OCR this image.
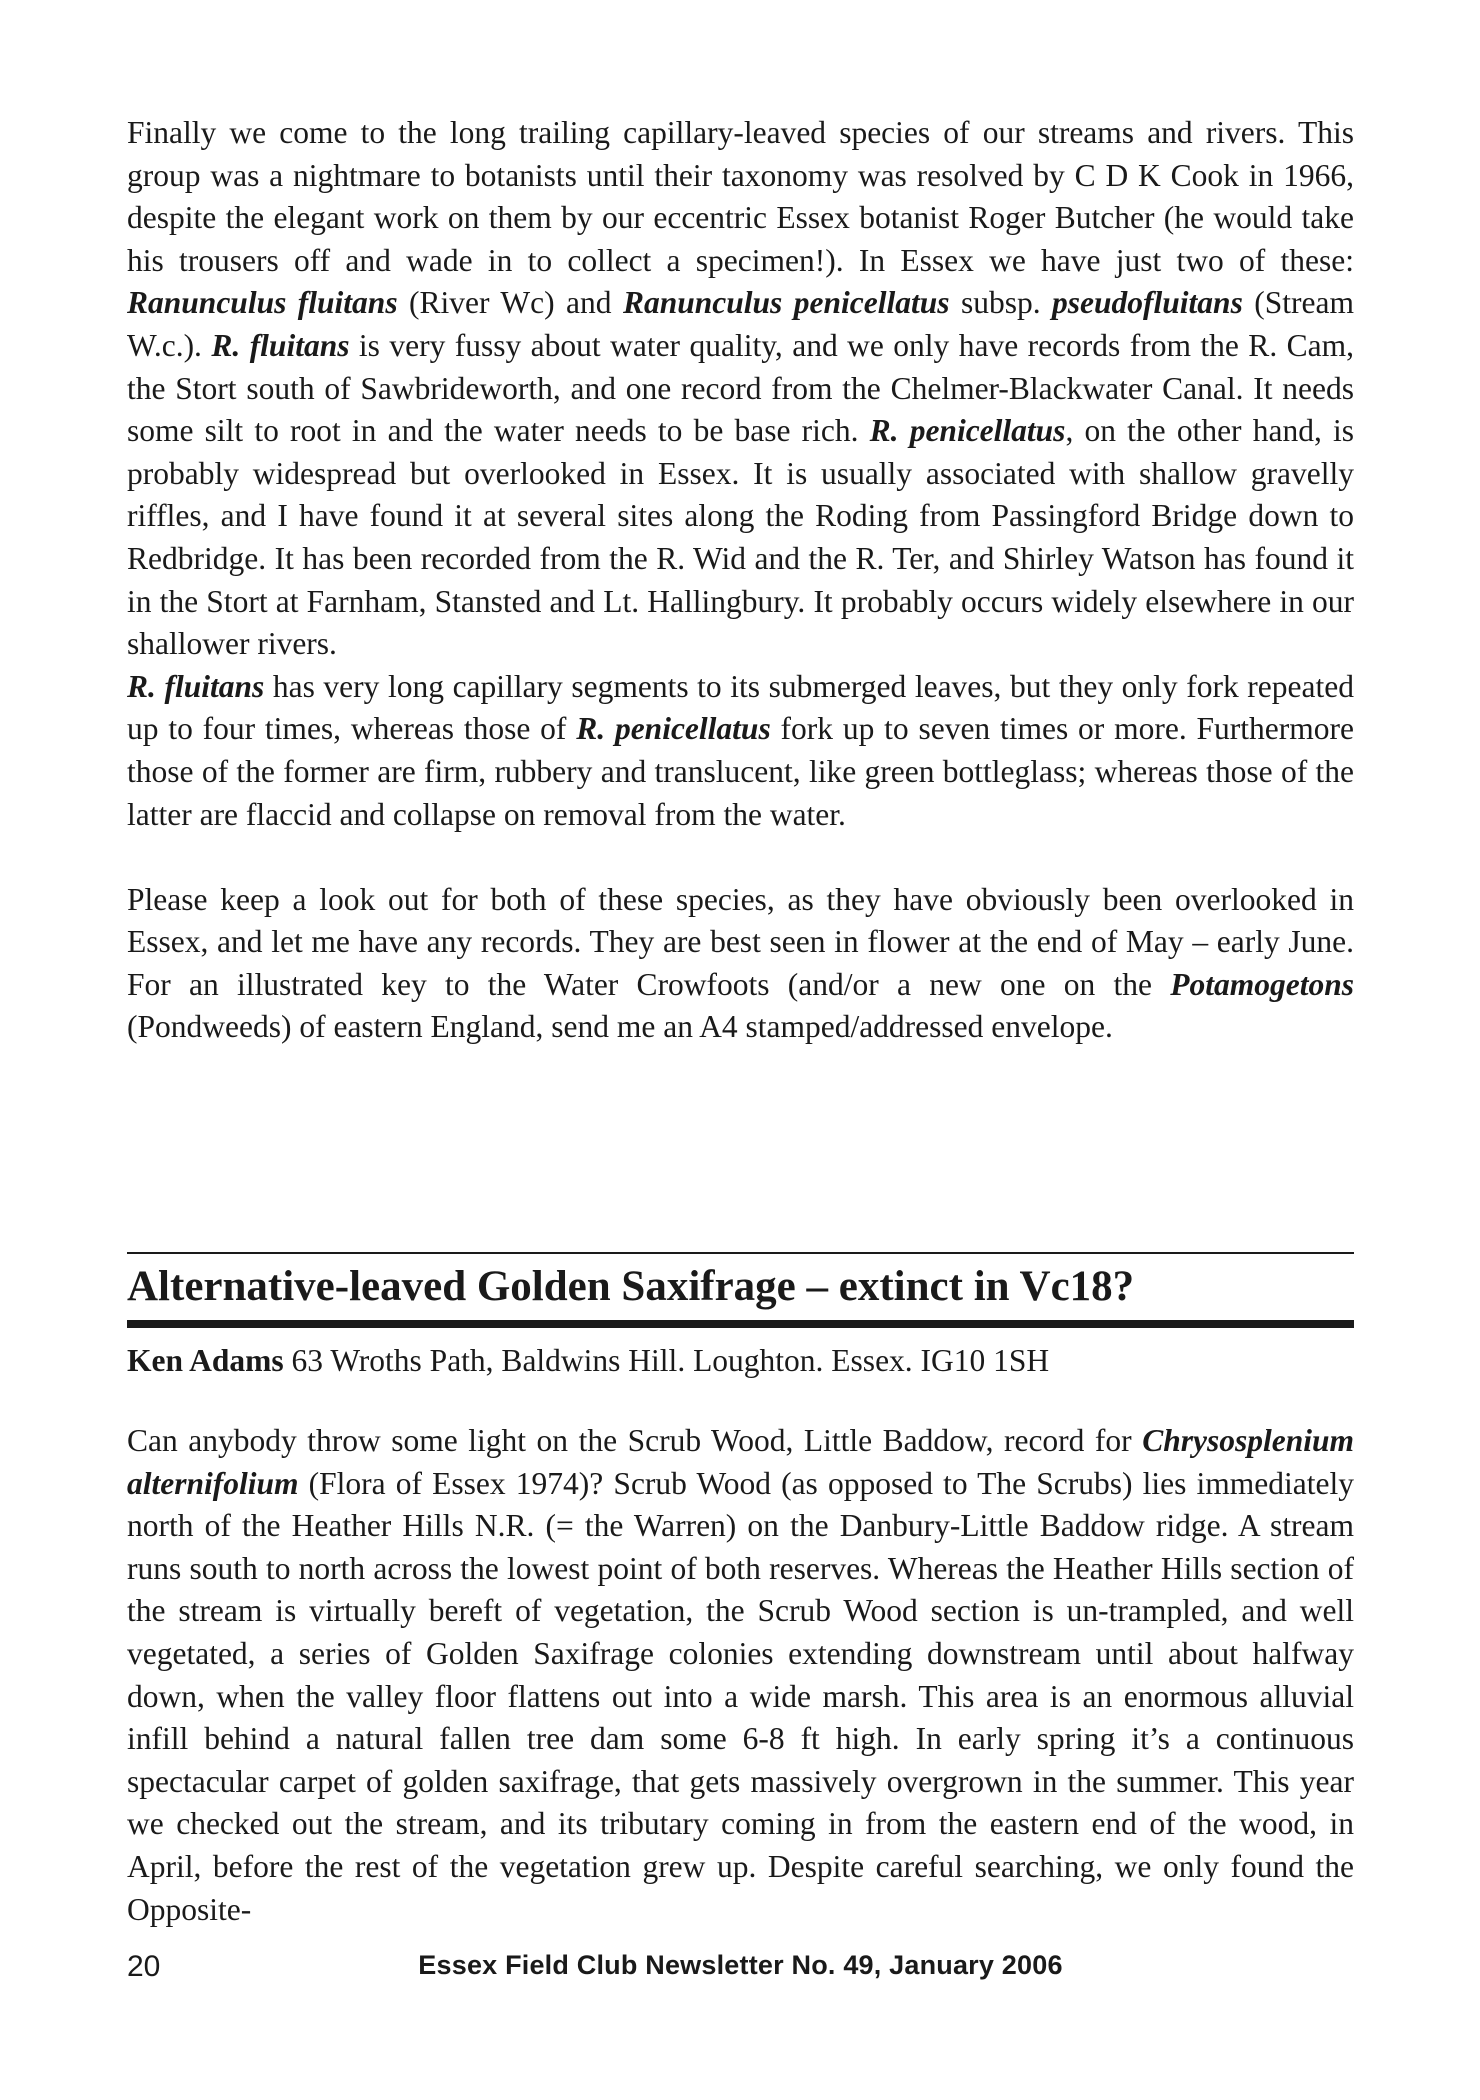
Finally we come to the long trailing capillary-leaved species of our streams and rivers. This group was a nightmare to botanists until their taxonomy was resolved by C D K Cook in 1966, despite the elegant work on them by our eccentric Essex botanist Roger Butcher (he would take his trousers off and wade in to collect a specimen!). In Essex we have just two of these: Ranunculus fluitans (River Wc) and Ranunculus penicellatus subsp. pseudofluitans (Stream W.c.). R. fluitans is very fussy about water quality, and we only have records from the R. Cam, the Stort south of Sawbrideworth, and one record from the Chelmer-Blackwater Canal. It needs some silt to root in and the water needs to be base rich. R. penicellatus, on the other hand, is probably widespread but overlooked in Essex. It is usually associated with shallow gravelly riffles, and I have found it at several sites along the Roding from Passingford Bridge down to Redbridge. It has been recorded from the R. Wid and the R. Ter, and Shirley Watson has found it in the Stort at Farnham, Stansted and Lt. Hallingbury. It probably occurs widely elsewhere in our shallower rivers.

R. fluitans has very long capillary segments to its submerged leaves, but they only fork repeated up to four times, whereas those of R. penicellatus fork up to seven times or more. Furthermore those of the former are firm, rubbery and translucent, like green bottleglass; whereas those of the latter are flaccid and collapse on removal from the water.

Please keep a look out for both of these species, as they have obviously been overlooked in Essex, and let me have any records. They are best seen in flower at the end of May – early June. For an illustrated key to the Water Crowfoots (and/or a new one on the Potamogetons (Pondweeds) of eastern England, send me an A4 stamped/addressed envelope.

Alternative-leaved Golden Saxifrage – extinct in Vc18?

Ken Adams 63 Wroths Path, Baldwins Hill. Loughton. Essex. IG10 1SH

Can anybody throw some light on the Scrub Wood, Little Baddow, record for Chrysosplenium alternifolium (Flora of Essex 1974)? Scrub Wood (as opposed to The Scrubs) lies immediately north of the Heather Hills N.R. (= the Warren) on the Danbury-Little Baddow ridge. A stream runs south to north across the lowest point of both reserves. Whereas the Heather Hills section of the stream is virtually bereft of vegetation, the Scrub Wood section is un-trampled, and well vegetated, a series of Golden Saxifrage colonies extending downstream until about halfway down, when the valley floor flattens out into a wide marsh. This area is an enormous alluvial infill behind a natural fallen tree dam some 6-8 ft high. In early spring it’s a continuous spectacular carpet of golden saxifrage, that gets massively overgrown in the summer. This year we checked out the stream, and its tributary coming in from the eastern end of the wood, in April, before the rest of the vegetation grew up. Despite careful searching, we only found the Opposite-

20	Essex Field Club Newsletter No. 49, January 2006
